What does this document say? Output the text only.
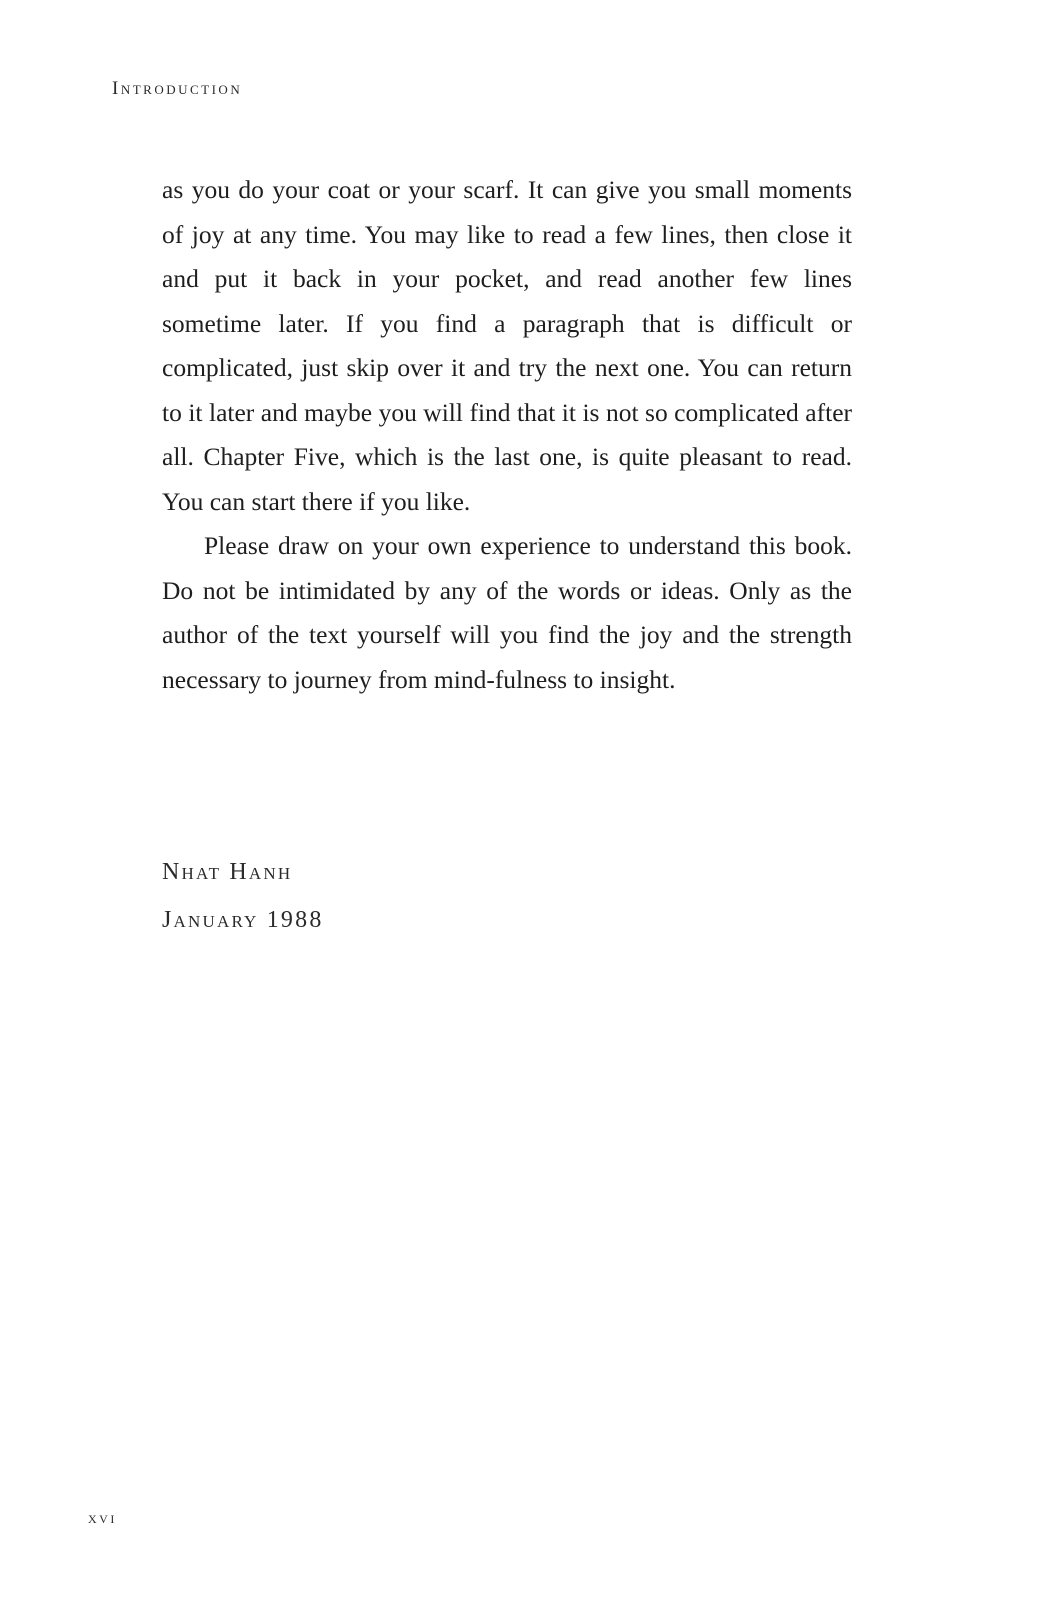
Introduction

as you do your coat or your scarf. It can give you small moments of joy at any time. You may like to read a few lines, then close it and put it back in your pocket, and read another few lines sometime later. If you find a paragraph that is difficult or complicated, just skip over it and try the next one. You can return to it later and maybe you will find that it is not so complicated after all. Chapter Five, which is the last one, is quite pleasant to read. You can start there if you like.

Please draw on your own experience to understand this book. Do not be intimidated by any of the words or ideas. Only as the author of the text yourself will you find the joy and the strength necessary to journey from mind-fulness to insight.

Nhat Hanh
January 1988
xvi
